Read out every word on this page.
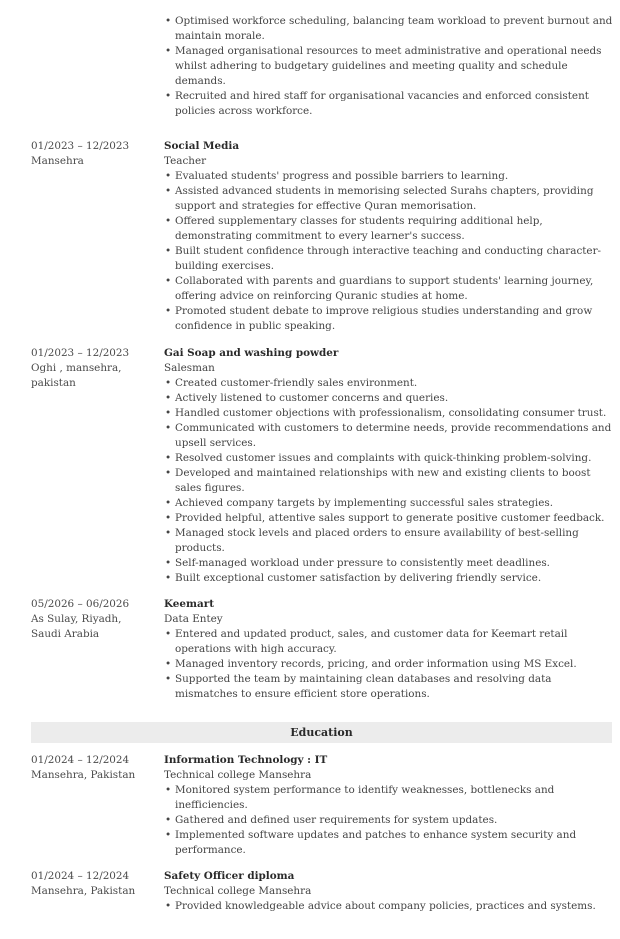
• Optimised workforce scheduling, balancing team workload to prevent burnout and maintain morale.
• Managed organisational resources to meet administrative and operational needs whilst adhering to budgetary guidelines and meeting quality and schedule demands.
• Recruited and hired staff for organisational vacancies and enforced consistent policies across workforce.
01/2023 – 12/2023
Mansehra
Social Media
Teacher
• Evaluated students' progress and possible barriers to learning.
• Assisted advanced students in memorising selected Surahs chapters, providing support and strategies for effective Quran memorisation.
• Offered supplementary classes for students requiring additional help, demonstrating commitment to every learner's success.
• Built student confidence through interactive teaching and conducting character-building exercises.
• Collaborated with parents and guardians to support students' learning journey, offering advice on reinforcing Quranic studies at home.
• Promoted student debate to improve religious studies understanding and grow confidence in public speaking.
01/2023 – 12/2023
Oghi , mansehra, pakistan
Gai Soap and washing powder
Salesman
• Created customer-friendly sales environment.
• Actively listened to customer concerns and queries.
• Handled customer objections with professionalism, consolidating consumer trust.
• Communicated with customers to determine needs, provide recommendations and upsell services.
• Resolved customer issues and complaints with quick-thinking problem-solving.
• Developed and maintained relationships with new and existing clients to boost sales figures.
• Achieved company targets by implementing successful sales strategies.
• Provided helpful, attentive sales support to generate positive customer feedback.
• Managed stock levels and placed orders to ensure availability of best-selling products.
• Self-managed workload under pressure to consistently meet deadlines.
• Built exceptional customer satisfaction by delivering friendly service.
05/2026 – 06/2026
As Sulay, Riyadh, Saudi Arabia
Keemart
Data Entey
• Entered and updated product, sales, and customer data for Keemart retail operations with high accuracy.
• Managed inventory records, pricing, and order information using MS Excel.
• Supported the team by maintaining clean databases and resolving data mismatches to ensure efficient store operations.
Education
01/2024 – 12/2024
Mansehra, Pakistan
Information Technology : IT
Technical college Mansehra
• Monitored system performance to identify weaknesses, bottlenecks and inefficiencies.
• Gathered and defined user requirements for system updates.
• Implemented software updates and patches to enhance system security and performance.
01/2024 – 12/2024
Mansehra, Pakistan
Safety Officer diploma
Technical college Mansehra
• Provided knowledgeable advice about company policies, practices and systems.
